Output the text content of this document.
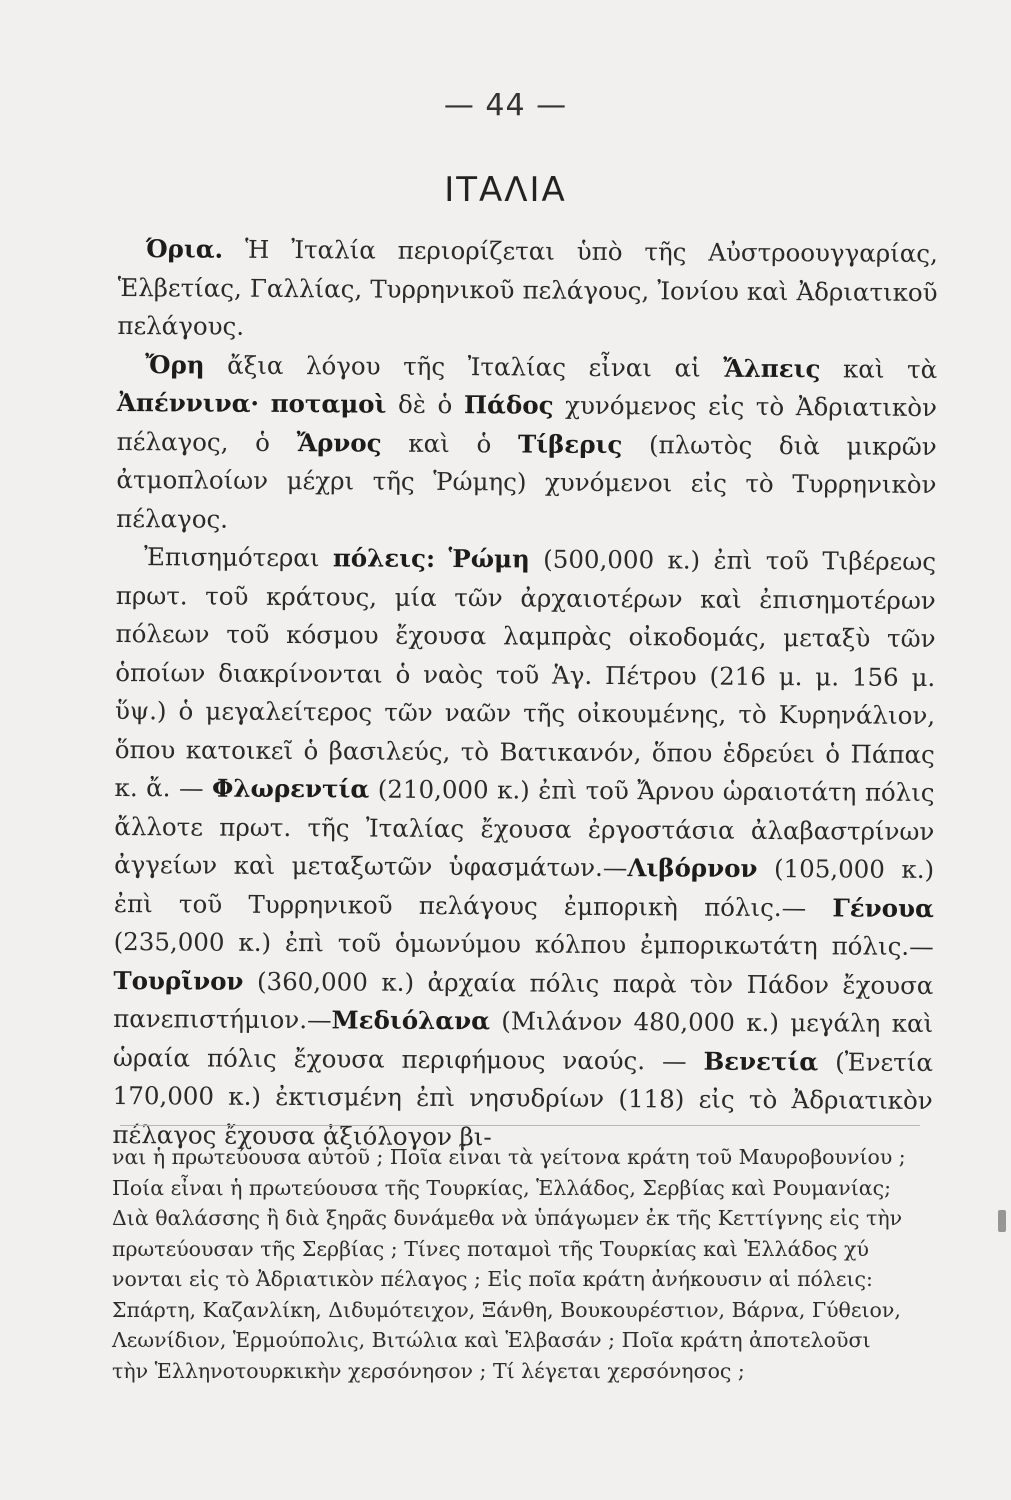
— 44 —
ΙΤΑΛΙΑ

Όρια. Ἡ Ἰταλία περιορίζεται ὑπὸ τῆς Αὐστροουγγαρίας, Ἑλβετίας, Γαλλίας, Τυρρηνικοῦ πελάγους, Ἰονίου καὶ Ἀδριατικοῦ πελάγους.

Ὄρη ἄξια λόγου τῆς Ἰταλίας εἶναι αἱ Ἄλπεις καὶ τὰ Ἀπέννινα· ποταμοὶ δὲ ὁ Πάδος χυνόμενος εἰς τὸ Ἀδριατικὸν πέλαγος, ὁ Ἄρνος καὶ ὁ Τίβερις (πλωτὸς διὰ μικρῶν ἀτμοπλοίων μέχρι τῆς Ῥώμης) χυνόμενοι εἰς τὸ Τυρρηνικὸν πέλαγος.

Ἐπισημότεραι πόλεις: Ῥώμη (500,000 κ.) ἐπὶ τοῦ Τιβέρεως πρωτ. τοῦ κράτους, μία τῶν ἀρχαιοτέρων καὶ ἐπισημοτέρων πόλεων τοῦ κόσμου ἔχουσα λαμπρὰς οἰκοδομάς, μεταξὺ τῶν ὁποίων διακρίνονται ὁ ναὸς τοῦ Ἁγ. Πέτρου (216 μ. μ. 156 μ. ὕψ.) ὁ μεγαλείτερος τῶν ναῶν τῆς οἰκουμένης, τὸ Κυρηνάλιον, ὅπου κατοικεῖ ὁ βασιλεύς, τὸ Βατικανόν, ὅπου ἑδρεύει ὁ Πάπας κ. ἄ. — Φλωρεντία (210,000 κ.) ἐπὶ τοῦ Ἄρνου ὡραιοτάτη πόλις ἄλλοτε πρωτ. τῆς Ἰταλίας ἔχουσα ἐργοστάσια ἀλαβαστρίνων ἀγγείων καὶ μεταξωτῶν ὑφασμάτων.—Λιβόρνον (105,000 κ.) ἐπὶ τοῦ Τυρρηνικοῦ πελάγους ἐμπορικὴ πόλις.— Γένουα (235,000 κ.) ἐπὶ τοῦ ὁμωνύμου κόλπου ἐμπορικωτάτη πόλις.—Τουρῖνον (360,000 κ.) ἀρχαία πόλις παρὰ τὸν Πάδον ἔχουσα πανεπιστήμιον.—Μεδιόλανα (Μιλάνον 480,000 κ.) μεγάλη καὶ ὡραία πόλις ἔχουσα περιφήμους ναούς. — Βενετία (Ἐνετία 170,000 κ.) ἐκτισμένη ἐπὶ νησυδρίων (118) εἰς τὸ Ἀδριατικὸν πέλαγος ἔχουσα ἀξιόλογον βι-

ναι ἡ πρωτεύουσα αὐτοῦ ; Ποῖα εἶναι τὰ γείτονα κράτη τοῦ Μαυροβουνίου ;
Ποία εἶναι ἡ πρωτεύουσα τῆς Τουρκίας, Ἑλλάδος, Σερβίας καὶ Ρουμανίας;
Διὰ θαλάσσης ἢ διὰ ξηρᾶς δυνάμεθα νὰ ὑπάγωμεν ἐκ τῆς Κεττίγνης εἰς τὴν
πρωτεύουσαν τῆς Σερβίας ; Τίνες ποταμοὶ τῆς Τουρκίας καὶ Ἑλλάδος χύ
νονται εἰς τὸ Ἀδριατικὸν πέλαγος ; Εἰς ποῖα κράτη ἀνήκουσιν αἱ πόλεις:
Σπάρτη, Καζανλίκη, Διδυμότειχον, Ξάνθη, Βουκουρέστιον, Βάρνα, Γύθειον,
Λεωνίδιον, Ἑρμούπολις, Βιτώλια καὶ Ἑλβασάν ; Ποῖα κράτη ἀποτελοῦσι
τὴν Ἑλληνοτουρκικὴν χερσόνησον ; Τί λέγεται χερσόνησος ;
